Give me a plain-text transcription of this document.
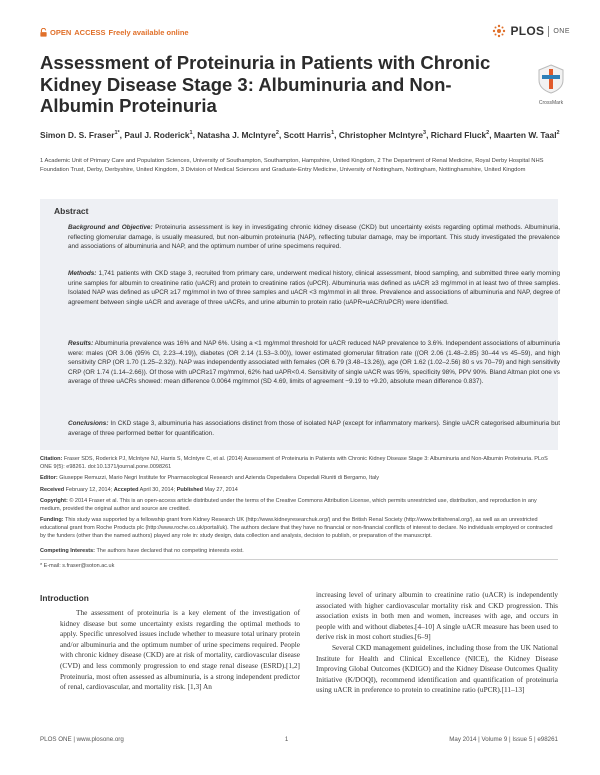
OPEN ACCESS Freely available online	PLOS ONE
Assessment of Proteinuria in Patients with Chronic Kidney Disease Stage 3: Albuminuria and Non-Albumin Proteinuria	CrossMark

Simon D. S. Fraser$^{1*}$, Paul J. Roderick$^1$, Natasha J. McIntyre$^2$, Scott Harris$^1$, Christopher McIntyre$^3$, Richard Fluck$^2$, Maarten W. Taal$^2$

1 Academic Unit of Primary Care and Population Sciences, University of Southampton, Southampton, Hampshire, United Kingdom, 2 The Department of Renal Medicine, Royal Derby Hospital NHS Foundation Trust, Derby, Derbyshire, United Kingdom, 3 Division of Medical Sciences and Graduate-Entry Medicine, University of Nottingham, Nottingham, Nottinghamshire, United Kingdom

Abstract

Background and Objective: Proteinuria assessment is key in investigating chronic kidney disease (CKD) but uncertainty exists regarding optimal methods. Albuminuria, reflecting glomerular damage, is usually measured, but non-albumin proteinuria (NAP), reflecting tubular damage, may be important. This study investigated the prevalence and associations of albuminuria and NAP, and the optimum number of urine specimens required.

Methods: 1,741 patients with CKD stage 3, recruited from primary care, underwent medical history, clinical assessment, blood sampling, and submitted three early morning urine samples for albumin to creatinine ratio (uACR) and protein to creatinine ratios (uPCR). Albuminuria was defined as uACR ≥3 mg/mmol in at least two of three samples. Isolated NAP was defined as uPCR ≥17 mg/mmol in two of three samples and uACR <3 mg/mmol in all three. Prevalence and associations of albuminuria and NAP, degree of agreement between single uACR and average of three uACRs, and urine albumin to protein ratio (uAPR=uACR/uPCR) were identified.

Results: Albuminuria prevalence was 16% and NAP 6%. Using a <1 mg/mmol threshold for uACR reduced NAP prevalence to 3.6%. Independent associations of albuminuria were: males (OR 3.06 (95% CI, 2.23–4.19)), diabetes (OR 2.14 (1.53–3.00)), lower estimated glomerular filtration rate ((OR 2.06 (1.48–2.85) 30–44 vs 45–59), and high sensitivity CRP (OR 1.70 (1.25–2.32)). NAP was independently associated with females (OR 6.79 (3.48–13.26)), age (OR 1.62 (1.02–2.56) 80 s vs 70–79) and high sensitivity CRP (OR 1.74 (1.14–2.66)). Of those with uPCR≥17 mg/mmol, 62% had uAPR<0.4. Sensitivity of single uACR was 95%, specificity 98%, PPV 90%. Bland Altman plot one vs average of three uACRs showed: mean difference 0.0064 mg/mmol (SD 4.69, limits of agreement −9.19 to +9.20, absolute mean difference 0.837).

Conclusions: In CKD stage 3, albuminuria has associations distinct from those of isolated NAP (except for inflammatory markers). Single uACR categorised albuminuria but average of three performed better for quantification.

Citation: Fraser SDS, Roderick PJ, McIntyre NJ, Harris S, McIntyre C, et al. (2014) Assessment of Proteinuria in Patients with Chronic Kidney Disease Stage 3: Albuminuria and Non-Albumin Proteinuria. PLoS ONE 9(5): e98261. doi:10.1371/journal.pone.0098261

Editor: Giuseppe Remuzzi, Mario Negri Institute for Pharmacological Research and Azienda Ospedaliera Ospedali Riuniti di Bergamo, Italy

Received February 12, 2014; Accepted April 30, 2014; Published May 27, 2014

Copyright: © 2014 Fraser et al. This is an open-access article distributed under the terms of the Creative Commons Attribution License, which permits unrestricted use, distribution, and reproduction in any medium, provided the original author and source are credited.

Funding: This study was supported by a fellowship grant from Kidney Research UK (http://www.kidneyresearchuk.org/) and the British Renal Society (http://www.britishrenal.org/), as well as an unrestricted educational grant from Roche Products plc (http://www.roche.co.uk/portal/uk). The authors declare that they have no financial or non-financial conflicts of interest to declare. No individuals employed or contracted by the funders (other than the named authors) played any role in: study design, data collection and analysis, decision to publish, or preparation of the manuscript.

Competing Interests: The authors have declared that no competing interests exist.

* E-mail: s.fraser@soton.ac.uk

Introduction

The assessment of proteinuria is a key element of the investigation of kidney disease but some uncertainty exists regarding the optimal methods to apply. Specific unresolved issues include whether to measure total urinary protein and/or albuminuria and the optimum number of urine specimens required. People with chronic kidney disease (CKD) are at risk of mortality, cardiovascular disease (CVD) and less commonly progression to end stage renal disease (ESRD).[1,2] Proteinuria, most often assessed as albuminuria, is a strong independent predictor of renal, cardiovascular, and mortality risk. [1,3] An

increasing level of urinary albumin to creatinine ratio (uACR) is independently associated with higher cardiovascular mortality risk and CKD progression. This association exists in both men and women, increases with age, and occurs in people with and without diabetes.[4–10] A single uACR measure has been used to derive risk in most cohort studies.[6–9]

Several CKD management guidelines, including those from the UK National Institute for Health and Clinical Excellence (NICE), the Kidney Disease Improving Global Outcomes (KDIGO) and the Kidney Disease Outcomes Quality Initiative (K/DOQI), recommend identification and quantification of proteinuria using uACR in preference to protein to creatinine ratio (uPCR).[11–13]

PLOS ONE | www.plosone.org	1	May 2014 | Volume 9 | Issue 5 | e98261
